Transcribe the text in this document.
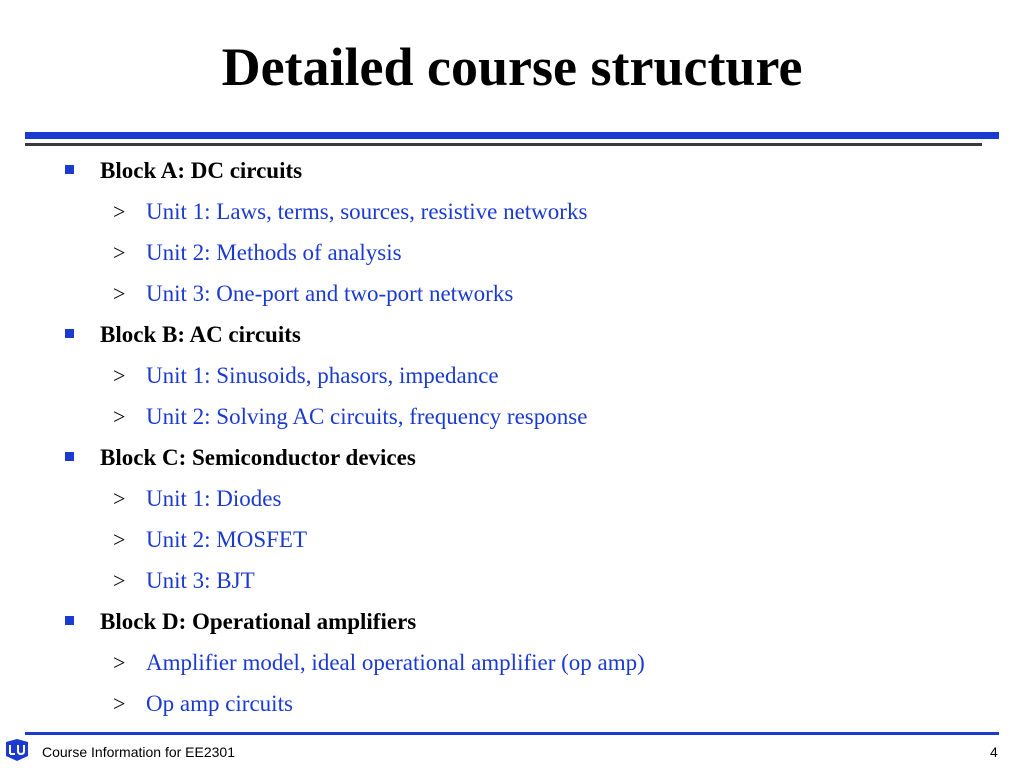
Detailed course structure
Block A: DC circuits
> Unit 1: Laws, terms, sources, resistive networks
> Unit 2: Methods of analysis
> Unit 3: One-port and two-port networks
Block B: AC circuits
> Unit 1: Sinusoids, phasors, impedance
> Unit 2: Solving AC circuits, frequency response
Block C: Semiconductor devices
> Unit 1: Diodes
> Unit 2: MOSFET
> Unit 3: BJT
Block D: Operational amplifiers
> Amplifier model, ideal operational amplifier (op amp)
> Op amp circuits
Course Information for EE2301	4
